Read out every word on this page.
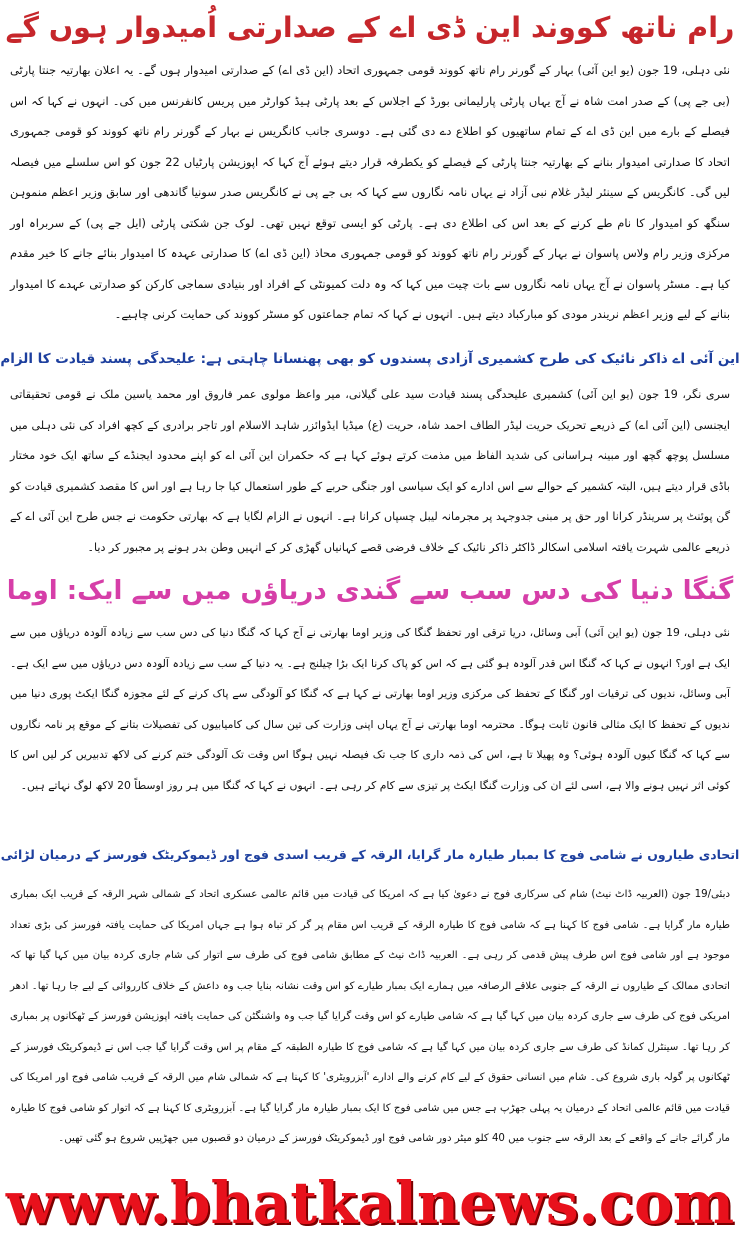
رام ناتھ کووند این ڈی اے کے صدارتی اُمیدوار ہوں گے

نئی دہلی، 19 جون (یو این آئی) بہار کے گورنر رام ناتھ کووند قومی جمہوری اتحاد (این ڈی اے) کے صدارتی امیدوار ہوں گے۔ یہ اعلان بھارتیہ جنتا پارٹی (بی جے پی) کے صدر امت شاہ نے آج یہاں پارٹی پارلیمانی بورڈ کے اجلاس کے بعد پارٹی ہیڈ کوارٹر میں پریس کانفرنس میں کی۔ انہوں نے کہا کہ اس فیصلے کے بارے میں این ڈی اے کے تمام ساتھیوں کو اطلاع دے دی گئی ہے۔ دوسری جانب کانگریس نے بہار کے گورنر رام ناتھ کووند کو قومی جمہوری اتحاد کا صدارتی امیدوار بنانے کے بھارتیہ جنتا پارٹی کے فیصلے کو یکطرفہ قرار دیتے ہوئے آج کہا کہ اپوزیشن پارٹیاں 22 جون کو اس سلسلے میں فیصلہ لیں گی۔ کانگریس کے سینئر لیڈر غلام نبی آزاد نے یہاں نامہ نگاروں سے کہا کہ بی جے پی نے کانگریس صدر سونیا گاندھی اور سابق وزیر اعظم منموہن سنگھ کو امیدوار کا نام طے کرنے کے بعد اس کی اطلاع دی ہے۔ پارٹی کو ایسی توقع نہیں تھی۔ لوک جن شکتی پارٹی (ایل جے پی) کے سربراہ اور مرکزی وزیر رام ولاس پاسوان نے بہار کے گورنر رام ناتھ کووند کو قومی جمہوری محاذ (این ڈی اے) کا صدارتی عہدہ کا امیدوار بنائے جانے کا خیر مقدم کیا ہے۔ مسٹر پاسوان نے آج یہاں نامہ نگاروں سے بات چیت میں کہا کہ وہ دلت کمیونٹی کے افراد اور بنیادی سماجی کارکن کو صدارتی عہدے کا امیدوار بنانے کے لیے وزیر اعظم نریندر مودی کو مبارکباد دیتے ہیں۔ انہوں نے کہا کہ تمام جماعتوں کو مسٹر کووند کی حمایت کرنی چاہیے۔

این آئی اے ذاکر نائیک کی طرح کشمیری آزادی پسندوں کو بھی پھنسانا چاہتی ہے: علیحدگی پسند قیادت کا الزام

سری نگر، 19 جون (یو این آئی) کشمیری علیحدگی پسند قیادت سید علی گیلانی، میر واعظ مولوی عمر فاروق اور محمد یاسین ملک نے قومی تحقیقاتی ایجنسی (این آئی اے) کے ذریعے تحریک حریت لیڈر الطاف احمد شاہ، حریت (ع) میڈیا ایڈوائزر شاہد الاسلام اور تاجر برادری کے کچھ افراد کی نئی دہلی میں مسلسل پوچھ گچھ اور مبینہ ہراسانی کی شدید الفاظ میں مذمت کرتے ہوئے کہا ہے کہ حکمران این آئی اے کو اپنے محدود ایجنڈے کے ساتھ ایک خود مختار باڈی قرار دیتے ہیں، البتہ کشمیر کے حوالے سے اس ادارے کو ایک سیاسی اور جنگی حربے کے طور استعمال کیا جا رہا ہے اور اس کا مقصد کشمیری قیادت کو گن پوئنٹ پر سرینڈر کرانا اور حق پر مبنی جدوجہد پر مجرمانہ لیبل چسپاں کرانا ہے۔ انہوں نے الزام لگایا ہے کہ بھارتی حکومت نے جس طرح این آئی اے کے ذریعے عالمی شہرت یافتہ اسلامی اسکالر ڈاکٹر ذاکر نائیک کے خلاف فرضی قصے کہانیاں گھڑی کر کے انہیں وطن بدر ہونے پر مجبور کر دیا۔

گنگا دنیا کی دس سب سے گندی دریاؤں میں سے ایک: اوما

نئی دہلی، 19 جون (یو این آئی) آبی وسائل، دریا ترقی اور تحفظ گنگا کی وزیر اوما بھارتی نے آج کہا کہ گنگا دنیا کی دس سب سے زیادہ آلودہ دریاؤں میں سے ایک ہے اور؟ انہوں نے کہا کہ گنگا اس قدر آلودہ ہو گئی ہے کہ اس کو پاک کرنا ایک بڑا چیلنج ہے۔ یہ دنیا کے سب سے زیادہ آلودہ دس دریاؤں میں سے ایک ہے۔ آبی وسائل، ندیوں کی ترقیات اور گنگا کے تحفظ کی مرکزی وزیر اوما بھارتی نے کہا ہے کہ گنگا کو آلودگی سے پاک کرنے کے لئے مجوزہ گنگا ایکٹ پوری دنیا میں ندیوں کے تحفظ کا ایک مثالی قانون ثابت ہوگا۔ محترمہ اوما بھارتی نے آج یہاں اپنی وزارت کی تین سال کی کامیابیوں کی تفصیلات بتانے کے موقع پر نامہ نگاروں سے کہا کہ گنگا کیوں آلودہ ہوئی؟ وہ پھیلا تا ہے، اس کی ذمہ داری کا جب تک فیصلہ نہیں ہوگا اس وقت تک آلودگی ختم کرنے کی لاکھ تدبیریں کر لیں اس کا کوئی اثر نہیں ہونے والا ہے، اسی لئے ان کی وزارت گنگا ایکٹ پر تیزی سے کام کر رہی ہے۔ انہوں نے کہا کہ گنگا میں ہر روز اوسطاً 20 لاکھ لوگ نہاتے ہیں۔

اتحادی طیاروں نے شامی فوج کا بمبار طیارہ مار گرایا، الرقہ کے قریب اسدی فوج اور ڈیموکریٹک فورسز کے درمیان لڑائی

دبئی/19 جون (العربیہ ڈاٹ نیٹ) شام کی سرکاری فوج نے دعویٰ کیا ہے کہ امریکا کی قیادت میں قائم عالمی عسکری اتحاد کے شمالی شہر الرقہ کے قریب ایک بمباری طیارہ مار گرایا ہے۔ شامی فوج کا کہنا ہے کہ شامی فوج کا طیارہ الرقہ کے قریب اس مقام پر گر کر تباہ ہوا ہے جہاں امریکا کی حمایت یافتہ فورسز کی بڑی تعداد موجود ہے اور شامی فوج اس طرف پیش قدمی کر رہی ہے۔ العربیہ ڈاٹ نیٹ کے مطابق شامی فوج کی طرف سے اتوار کی شام جاری کردہ بیان میں کہا گیا تھا کہ اتحادی ممالک کے طیاروں نے الرقہ کے جنوبی علاقے الرصافہ میں ہمارے ایک بمبار طیارے کو اس وقت نشانہ بنایا جب وہ داعش کے خلاف کارروائی کے لیے جا رہا تھا۔ ادھر امریکی فوج کی طرف سے جاری کردہ بیان میں کہا گیا ہے کہ شامی طیارے کو اس وقت گرایا گیا جب وہ واشنگٹن کی حمایت یافتہ اپوزیشن فورسز کے ٹھکانوں پر بمباری کر رہا تھا۔ سینٹرل کمانڈ کی طرف سے جاری کردہ بیان میں کہا گیا ہے کہ شامی فوج کا طیارہ الطبقہ کے مقام پر اس وقت گرایا گیا جب اس نے ڈیموکریٹک فورسز کے ٹھکانوں پر گولہ باری شروع کی۔ شام میں انسانی حقوق کے لیے کام کرنے والے ادارے 'آبزرویٹری' کا کہنا ہے کہ شمالی شام میں الرقہ کے قریب شامی فوج اور امریکا کی قیادت میں قائم عالمی اتحاد کے درمیان یہ پہلی جھڑپ ہے جس میں شامی فوج کا ایک بمبار طیارہ مار گرایا گیا ہے۔ آبزرویٹری کا کہنا ہے کہ اتوار کو شامی فوج کا طیارہ مار گرائے جانے کے واقعے کے بعد الرقہ سے جنوب میں 40 کلو میٹر دور شامی فوج اور ڈیموکریٹک فورسز کے درمیان دو قصبوں میں جھڑپیں شروع ہو گئی تھیں۔

www.bhatkalnews.com
